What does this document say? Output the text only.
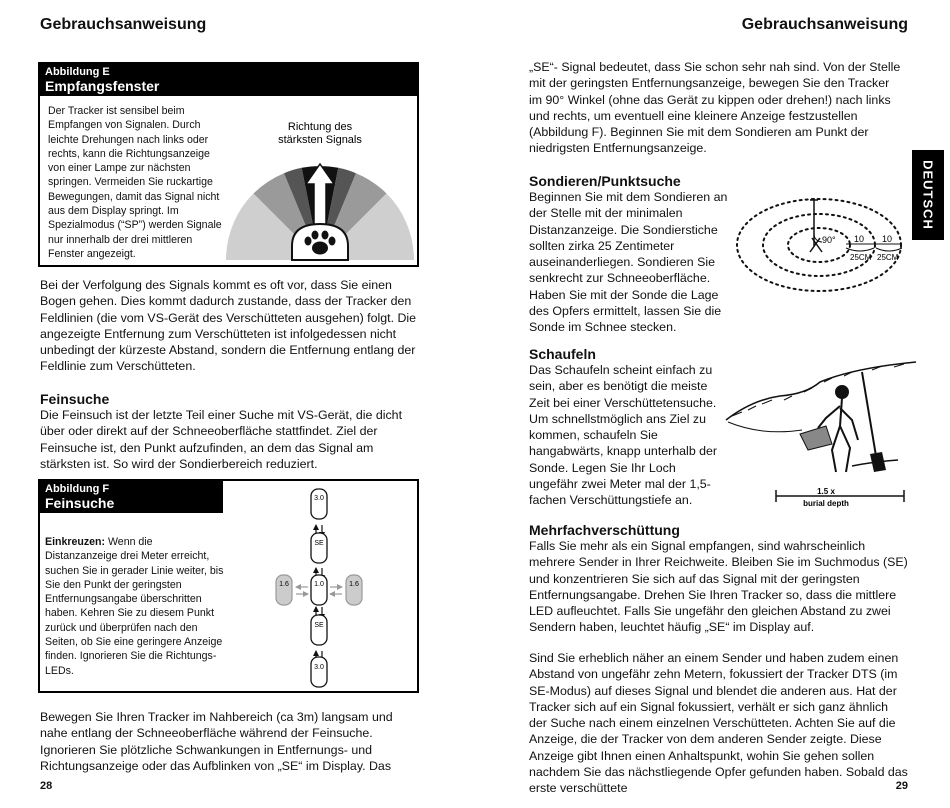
Gebrauchsanweisung
Abbildung E
Empfangsfenster
Der Tracker ist sensibel beim Empfangen von Signalen. Durch leichte Drehungen nach links oder rechts, kann die Richtungsanzeige von einer Lampe zur nächsten springen. Vermeiden Sie ruckartige Bewegungen, damit das Signal nicht aus dem Display springt. Im Spezialmodus (“SP”) werden Signale nur innerhalb der drei mittleren Fenster angezeigt.
Richtung des
stärksten Signals

Bei der Verfolgung des Signals kommt es oft vor, dass Sie einen Bogen gehen. Dies kommt dadurch zustande, dass der Tracker den Feldlinien (die vom VS-Gerät des Verschütteten ausgehen) folgt. Die angezeigte Entfernung zum Verschütteten ist infolgedessen nicht unbedingt der kürzeste Abstand, sondern die Entfernung entlang der Feldlinie zum Verschütteten.

Feinsuche

Die Feinsuch ist der letzte Teil einer Suche mit VS-Gerät, die dicht über oder direkt auf der Schneeoberfläche stattfindet. Ziel der Feinsuche ist, den Punkt aufzufinden, an dem das Signal am stärksten ist. So wird der Sondierbereich reduziert.

Abbildung F
Feinsuche
Einkreuzen: Wenn die Distanzanzeige drei Meter erreicht, suchen Sie in gerader Linie weiter, bis Sie den Punkt der geringsten Entfernungsangabe überschritten haben. Kehren Sie zu diesem Punkt zurück und überprüfen nach den Seiten, ob Sie eine geringere Anzeige finden. Ignorieren Sie die Richtungs-LEDs.
3.0
SE
1.6	1.0	1.6
SE
3.0

Bewegen Sie Ihren Tracker im Nahbereich (ca 3m) langsam und nahe entlang der Schneeoberfläche während der Feinsuche. Ignorieren Sie plötzliche Schwankungen in Entfernungs- und Richtungsanzeige oder das Aufblinken von „SE“ im Display. Das

28
Gebrauchsanweisung
DEUTSCH

„SE“- Signal bedeutet, dass Sie schon sehr nah sind. Von der Stelle mit der geringsten Entfernungsanzeige, bewegen Sie den Tracker im 90° Winkel (ohne das Gerät zu kippen oder drehen!) nach links und rechts, um eventuell eine kleinere Anzeige festzustellen (Abbildung F). Beginnen Sie mit dem Sondieren am Punkt der niedrigsten Entfernungsanzeige.

Sondieren/Punktsuche

Beginnen Sie mit dem Sondieren an der Stelle mit der minimalen Distanzanzeige. Die Sondierstiche sollten zirka 25 Zentimeter auseinanderliegen. Sondieren Sie senkrecht zur Schneeoberfläche. Haben Sie mit der Sonde die Lage des Opfers ermittelt, lassen Sie die Sonde im Schnee stecken.

90° 10 10
25CM 25CM
Schaufeln

Das Schaufeln scheint einfach zu sein, aber es benötigt die meiste Zeit bei einer Verschüttetensuche. Um schnellstmöglich ans Ziel zu kommen, schaufeln Sie hangabwärts, knapp unterhalb der Sonde. Legen Sie Ihr Loch ungefähr zwei Meter mal der 1,5-fachen Verschüttungstiefe an.

1.5 x
burial depth
Mehrfachverschüttung

Falls Sie mehr als ein Signal empfangen, sind wahrscheinlich mehrere Sender in Ihrer Reichweite. Bleiben Sie im Suchmodus (SE) und konzentrieren Sie sich auf das Signal mit der geringsten Entfernungsangabe. Drehen Sie Ihren Tracker so, dass die mittlere LED aufleuchtet. Falls Sie ungefähr den gleichen Abstand zu zwei Sendern haben, leuchtet häufig „SE“ im Display auf.

Sind Sie erheblich näher an einem Sender und haben zudem einen Abstand von ungefähr zehn Metern, fokussiert der Tracker DTS (im SE-Modus) auf dieses Signal und blendet die anderen aus. Hat der Tracker sich auf ein Signal fokussiert, verhält er sich ganz ähnlich der Suche nach einem einzelnen Verschütteten. Achten Sie auf die Anzeige, die der Tracker von dem anderen Sender zeigte. Diese Anzeige gibt Ihnen einen Anhaltspunkt, wohin Sie gehen sollen nachdem Sie das nächstliegende Opfer gefunden haben. Sobald das erste verschüttete	29
